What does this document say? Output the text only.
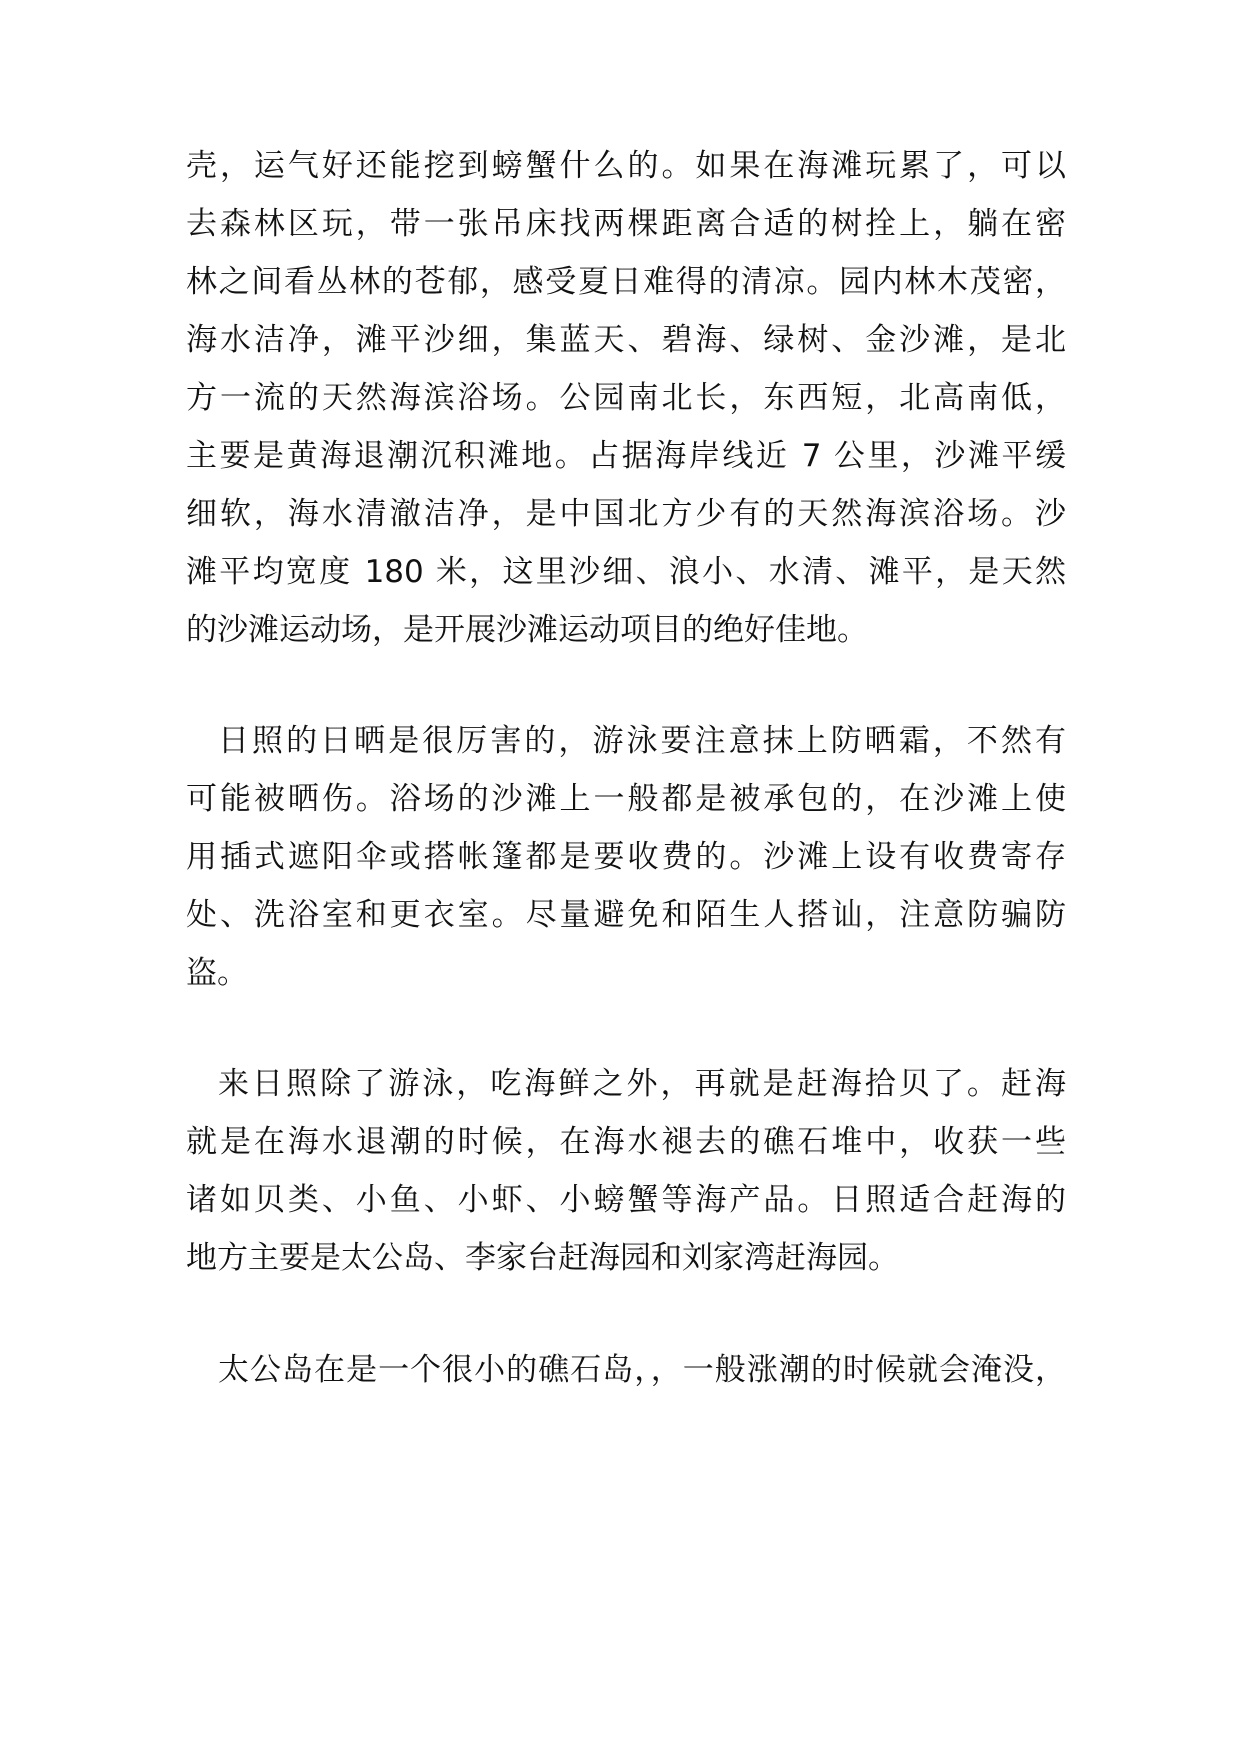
壳，运气好还能挖到螃蟹什么的。如果在海滩玩累了，可以
去森林区玩，带一张吊床找两棵距离合适的树拴上，躺在密
林之间看丛林的苍郁，感受夏日难得的清凉。园内林木茂密，
海水洁净，滩平沙细，集蓝天、碧海、绿树、金沙滩，是北
方一流的天然海滨浴场。公园南北长，东西短，北高南低，
主要是黄海退潮沉积滩地。占据海岸线近 7 公里，沙滩平缓
细软，海水清澈洁净，是中国北方少有的天然海滨浴场。沙
滩平均宽度 180 米，这里沙细、浪小、水清、滩平，是天然
的沙滩运动场，是开展沙滩运动项目的绝好佳地。
日照的日晒是很厉害的，游泳要注意抹上防晒霜，不然有
可能被晒伤。浴场的沙滩上一般都是被承包的，在沙滩上使
用插式遮阳伞或搭帐篷都是要收费的。沙滩上设有收费寄存
处、洗浴室和更衣室。尽量避免和陌生人搭讪，注意防骗防
盗。
来日照除了游泳，吃海鲜之外，再就是赶海拾贝了。赶海
就是在海水退潮的时候，在海水褪去的礁石堆中，收获一些
诸如贝类、小鱼、小虾、小螃蟹等海产品。日照适合赶海的
地方主要是太公岛、李家台赶海园和刘家湾赶海园。
太公岛在是一个很小的礁石岛，，一般涨潮的时候就会淹没，
